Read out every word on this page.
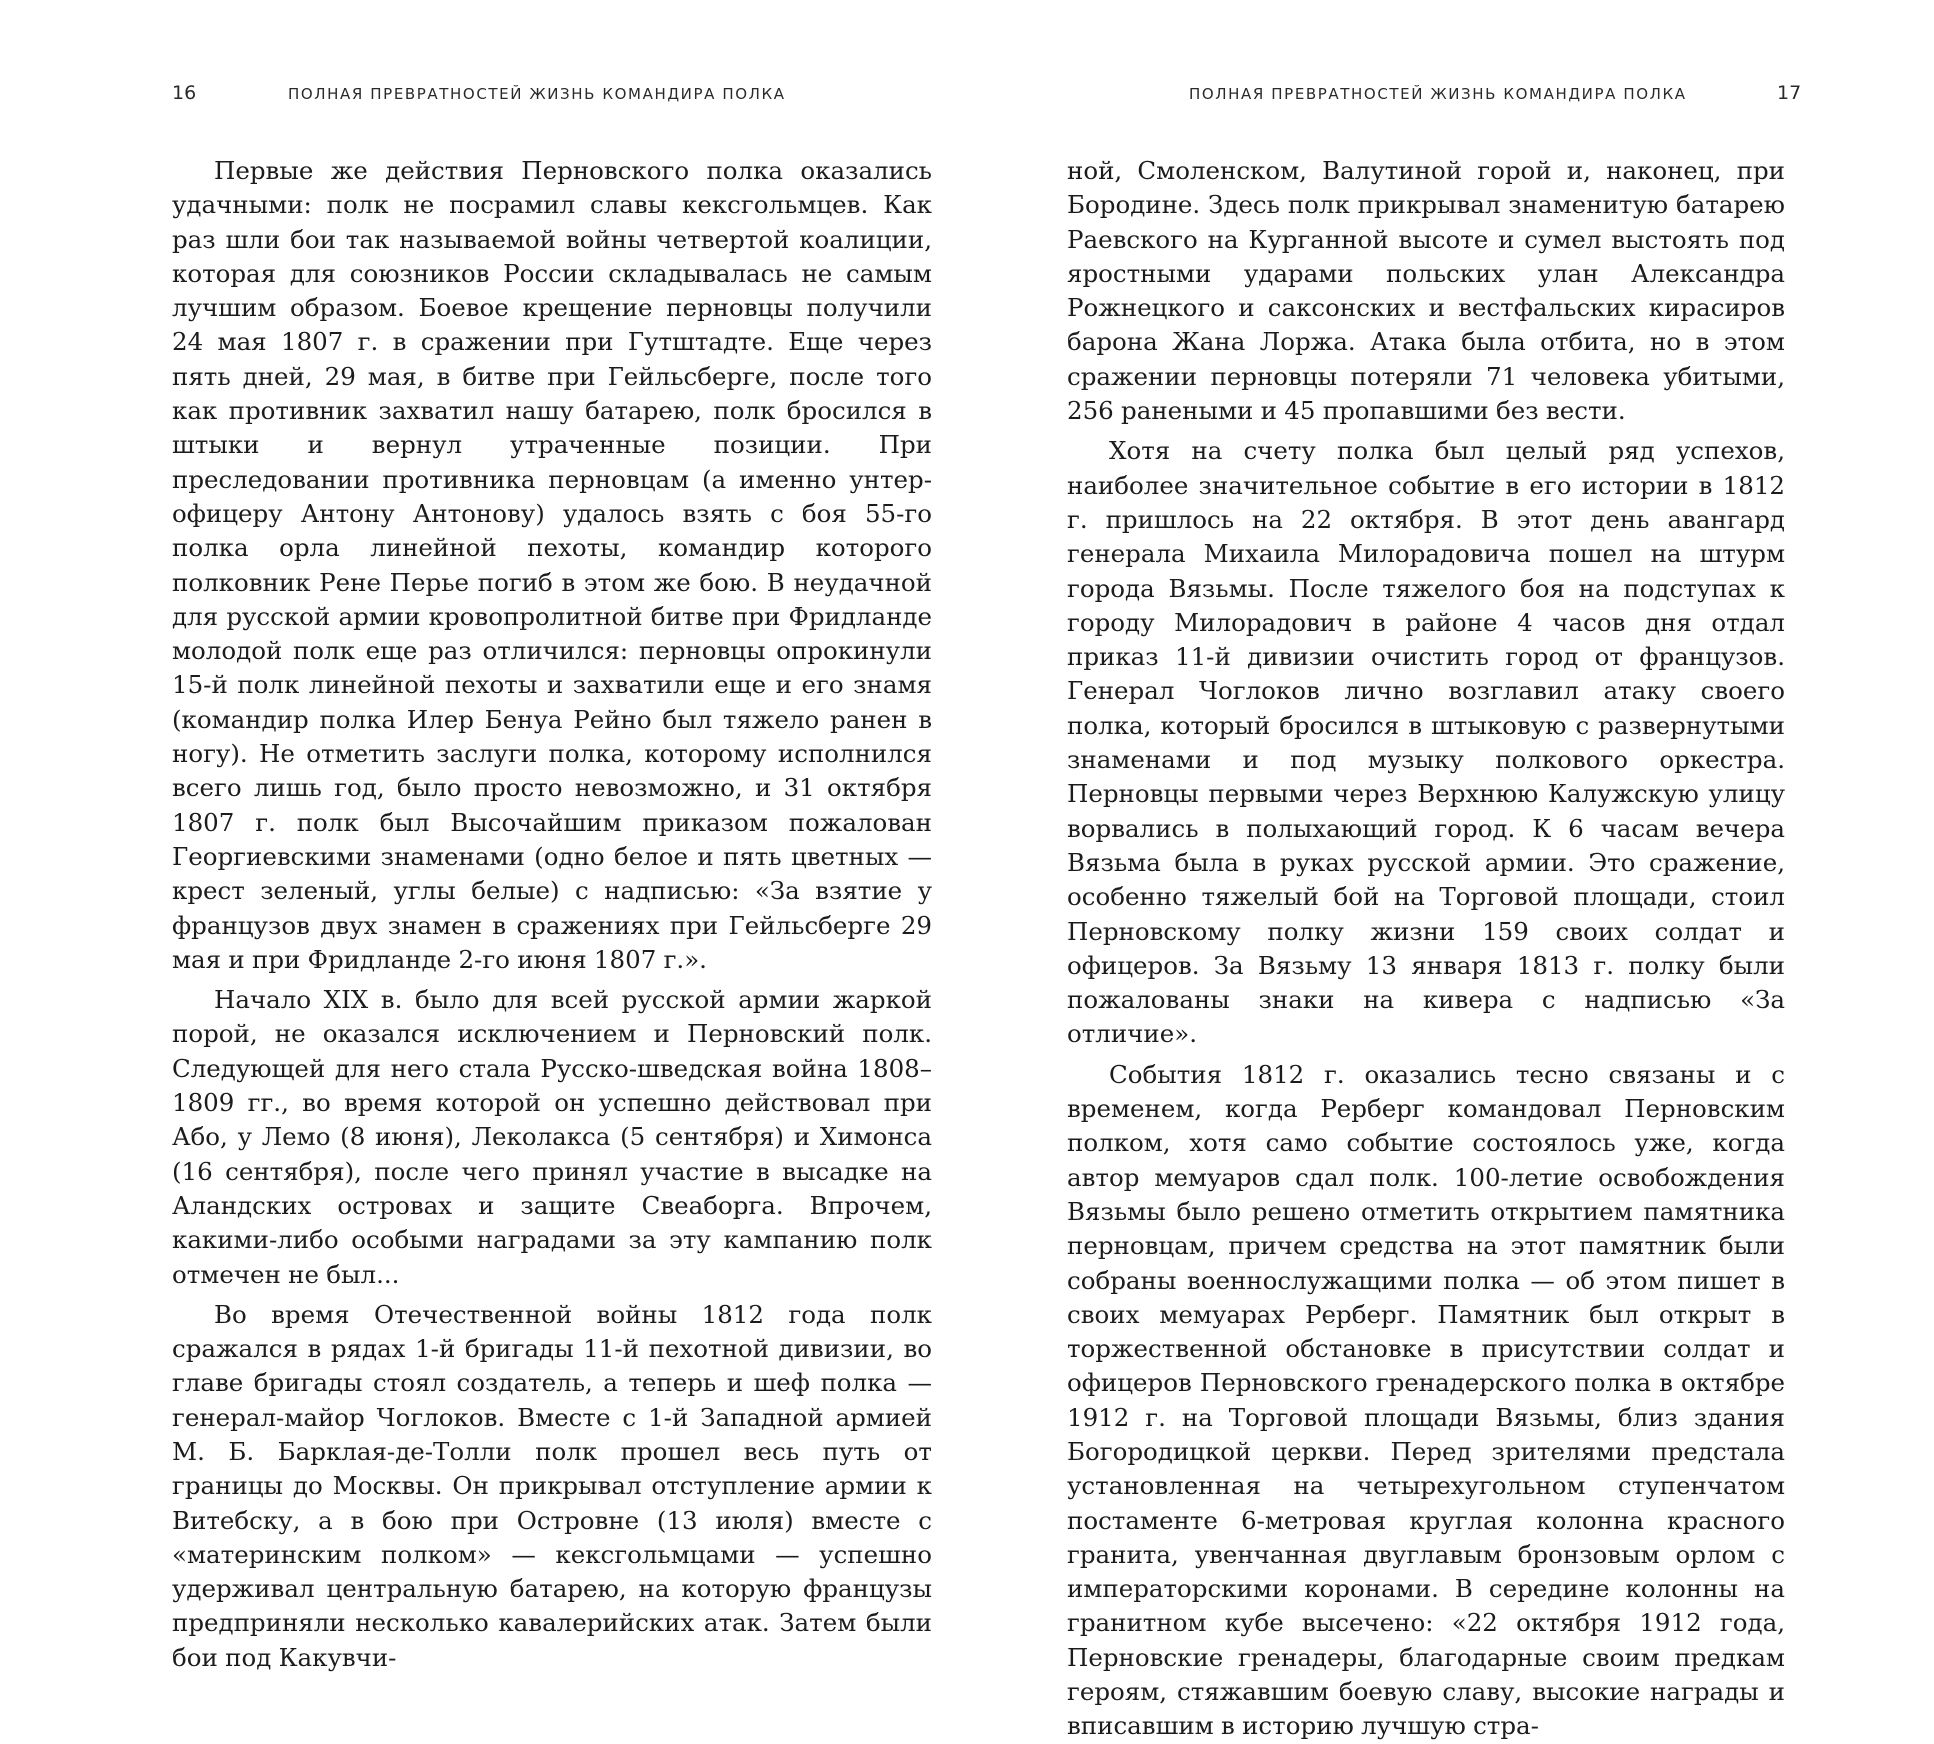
16	ПОЛНАЯ ПРЕВРАТНОСТЕЙ ЖИЗНЬ КОМАНДИРА ПОЛКА

Первые же действия Перновского полка оказались удачными: полк не посрамил славы кексгольмцев. Как раз шли бои так называемой войны четвертой коалиции, которая для союзников России складывалась не самым лучшим образом. Боевое крещение перновцы получили 24 мая 1807 г. в сражении при Гутштадте. Еще через пять дней, 29 мая, в битве при Гейльсберге, после того как противник захватил нашу батарею, полк бросился в штыки и вернул утраченные позиции. При преследовании противника перновцам (а именно унтер-офицеру Антону Антонову) удалось взять с боя 55-го полка орла линейной пехоты, командир которого полковник Рене Перье погиб в этом же бою. В неудачной для русской армии кровопролитной битве при Фридланде молодой полк еще раз отличился: перновцы опрокинули 15-й полк линейной пехоты и захватили еще и его знамя (командир полка Илер Бенуа Рейно был тяжело ранен в ногу). Не отметить заслуги полка, которому исполнился всего лишь год, было просто невозможно, и 31 октября 1807 г. полк был Высочайшим приказом пожалован Георгиевскими знаменами (одно белое и пять цветных — крест зеленый, углы белые) с надписью: «За взятие у французов двух знамен в сражениях при Гейльсберге 29 мая и при Фридланде 2-го июня 1807 г.».

Начало XIX в. было для всей русской армии жаркой порой, не оказался исключением и Перновский полк. Следующей для него стала Русско-шведская война 1808–1809 гг., во время которой он успешно действовал при Або, у Лемо (8 июня), Леколакса (5 сентября) и Химонса (16 сентября), после чего принял участие в высадке на Аландских островах и защите Свеаборга. Впрочем, какими-либо особыми наградами за эту кампанию полк отмечен не был...

Во время Отечественной войны 1812 года полк сражался в рядах 1-й бригады 11-й пехотной дивизии, во главе бригады стоял создатель, а теперь и шеф полка — генерал-майор Чоглоков. Вместе с 1-й Западной армией М. Б. Барклая-де-Толли полк прошел весь путь от границы до Москвы. Он прикрывал отступление армии к Витебску, а в бою при Островне (13 июля) вместе с «материнским полком» — кексгольмцами — успешно удерживал центральную батарею, на которую французы предприняли несколько кавалерийских атак. Затем были бои под Какувчи-

ПОЛНАЯ ПРЕВРАТНОСТЕЙ ЖИЗНЬ КОМАНДИРА ПОЛКА	17

ной, Смоленском, Валутиной горой и, наконец, при Бородине. Здесь полк прикрывал знаменитую батарею Раевского на Курганной высоте и сумел выстоять под яростными ударами польских улан Александра Рожнецкого и саксонских и вестфальских кирасиров барона Жана Лоржа. Атака была отбита, но в этом сражении перновцы потеряли 71 человека убитыми, 256 ранеными и 45 пропавшими без вести.

Хотя на счету полка был целый ряд успехов, наиболее значительное событие в его истории в 1812 г. пришлось на 22 октября. В этот день авангард генерала Михаила Милорадовича пошел на штурм города Вязьмы. После тяжелого боя на подступах к городу Милорадович в районе 4 часов дня отдал приказ 11-й дивизии очистить город от французов. Генерал Чоглоков лично возглавил атаку своего полка, который бросился в штыковую с развернутыми знаменами и под музыку полкового оркестра. Перновцы первыми через Верхнюю Калужскую улицу ворвались в полыхающий город. К 6 часам вечера Вязьма была в руках русской армии. Это сражение, особенно тяжелый бой на Торговой площади, стоил Перновскому полку жизни 159 своих солдат и офицеров. За Вязьму 13 января 1813 г. полку были пожалованы знаки на кивера с надписью «За отличие».

События 1812 г. оказались тесно связаны и с временем, когда Рерберг командовал Перновским полком, хотя само событие состоялось уже, когда автор мемуаров сдал полк. 100-летие освобождения Вязьмы было решено отметить открытием памятника перновцам, причем средства на этот памятник были собраны военнослужащими полка — об этом пишет в своих мемуарах Рерберг. Памятник был открыт в торжественной обстановке в присутствии солдат и офицеров Перновского гренадерского полка в октябре 1912 г. на Торговой площади Вязьмы, близ здания Богородицкой церкви. Перед зрителями предстала установленная на четырехугольном ступенчатом постаменте 6-метровая круглая колонна красного гранита, увенчанная двуглавым бронзовым орлом с императорскими коронами. В середине колонны на гранитном кубе высечено: «22 октября 1912 года, Перновские гренадеры, благодарные своим предкам героям, стяжавшим боевую славу, высокие награды и вписавшим в историю лучшую стра-
